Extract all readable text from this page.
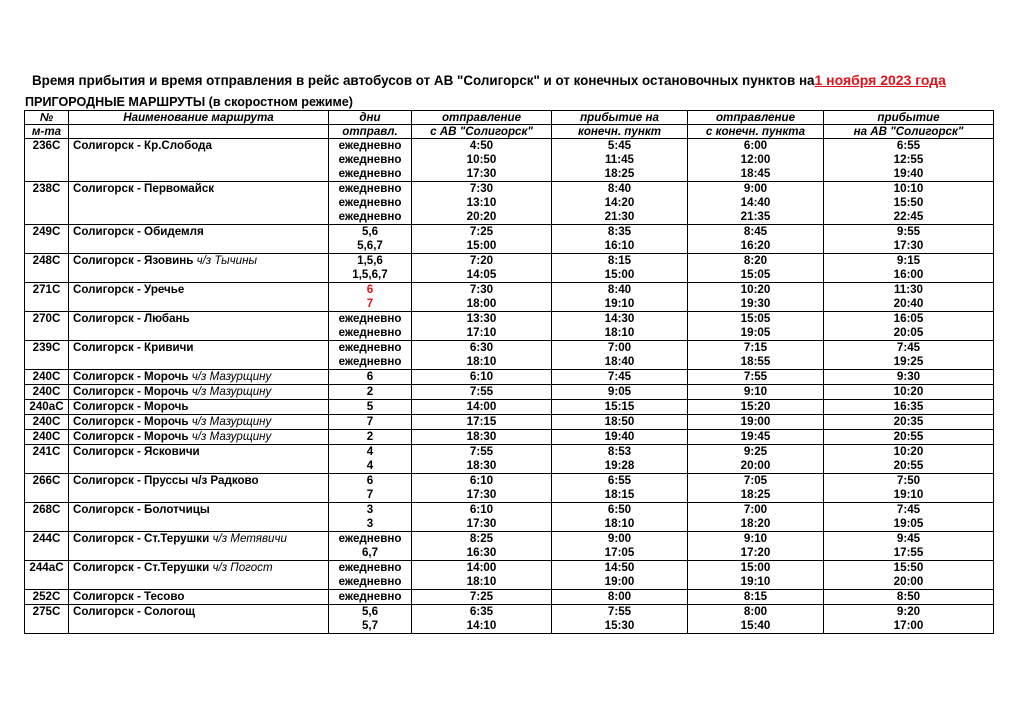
Время прибытия и время отправления в рейс автобусов от АВ "Солигорск" и от конечных остановочных пунктов на1 ноября 2023 года
ПРИГОРОДНЫЕ МАРШРУТЫ (в скоростном режиме)
№	Наименование маршрута	дни	отправление	прибытие на	отправление	прибытие
м-та		отправл.	с АВ "Солигорск"	конечн. пункт	с конечн. пункта	на АВ "Солигорск"
236С	Солигорск - Кр.Слобода	ежедневно	4:50	5:45	6:00	6:55
		ежедневно	10:50	11:45	12:00	12:55
		ежедневно	17:30	18:25	18:45	19:40
238С	Солигорск - Первомайск	ежедневно	7:30	8:40	9:00	10:10
		ежедневно	13:10	14:20	14:40	15:50
		ежедневно	20:20	21:30	21:35	22:45
249С	Солигорск - Обидемля	5,6	7:25	8:35	8:45	9:55
		5,6,7	15:00	16:10	16:20	17:30
248С	Солигорск - Язовинь ч/з Тычины	1,5,6	7:20	8:15	8:20	9:15
		1,5,6,7	14:05	15:00	15:05	16:00
271С	Солигорск - Уречье	6	7:30	8:40	10:20	11:30
		7	18:00	19:10	19:30	20:40
270С	Солигорск - Любань	ежедневно	13:30	14:30	15:05	16:05
		ежедневно	17:10	18:10	19:05	20:05
239С	Солигорск - Кривичи	ежедневно	6:30	7:00	7:15	7:45
		ежедневно	18:10	18:40	18:55	19:25
240С	Солигорск - Морочь ч/з Мазурщину	6	6:10	7:45	7:55	9:30
240С	Солигорск - Морочь ч/з Мазурщину	2	7:55	9:05	9:10	10:20
240аС	Солигорск - Морочь	5	14:00	15:15	15:20	16:35
240С	Солигорск - Морочь ч/з Мазурщину	7	17:15	18:50	19:00	20:35
240С	Солигорск - Морочь ч/з Мазурщину	2	18:30	19:40	19:45	20:55
241С	Солигорск - Ясковичи	4	7:55	8:53	9:25	10:20
		4	18:30	19:28	20:00	20:55
266С	Солигорск - Пруссы ч/з Радково	6	6:10	6:55	7:05	7:50
		7	17:30	18:15	18:25	19:10
268С	Солигорск - Болотчицы	3	6:10	6:50	7:00	7:45
		3	17:30	18:10	18:20	19:05
244С	Солигорск - Ст.Терушки ч/з Метявичи	ежедневно	8:25	9:00	9:10	9:45
		6,7	16:30	17:05	17:20	17:55
244аС	Солигорск - Ст.Терушки ч/з Погост	ежедневно	14:00	14:50	15:00	15:50
		ежедневно	18:10	19:00	19:10	20:00
252С	Солигорск - Тесово	ежедневно	7:25	8:00	8:15	8:50
275С	Солигорск - Сологощ	5,6	6:35	7:55	8:00	9:20
		5,7	14:10	15:30	15:40	17:00
